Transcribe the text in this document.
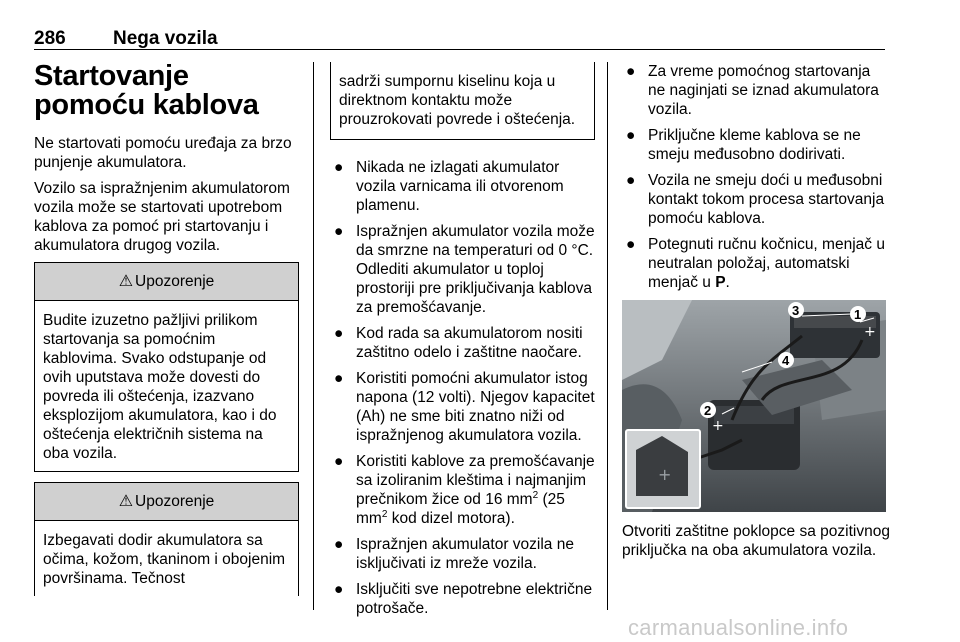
286 Nega vozila
Startovanje pomoću kablova

Ne startovati pomoću uređaja za brzo punjenje akumulatora.

Vozilo sa ispražnjenim akumulatorom vozila može se startovati upotrebom kablova za pomoć pri startovanju i akumulatora drugog vozila.

⚠ Upozorenje
Budite izuzetno pažljivi prilikom startovanja sa pomoćnim kablovima. Svako odstupanje od ovih uputstava može dovesti do povreda ili oštećenja, izazvano eksplozijom akumulatora, kao i do oštećenja električnih sistema na oba vozila.
⚠ Upozorenje
Izbegavati dodir akumulatora sa očima, kožom, tkaninom i obojenim površinama. Tečnost
sadrži sumpornu kiselinu koja u direktnom kontaktu može prouzrokovati povrede i oštećenja.
● Nikada ne izlagati akumulator vozila varnicama ili otvorenom plamenu.
● Ispražnjen akumulator vozila može da smrzne na temperaturi od 0 °C. Odlediti akumulator u toploj prostoriji pre priključivanja kablova za premošćavanje.
● Kod rada sa akumulatorom nositi zaštitno odelo i zaštitne naočare.
● Koristiti pomoćni akumulator istog napona (12 volti). Njegov kapacitet (Ah) ne sme biti znatno niži od ispražnjenog akumulatora vozila.
● Koristiti kablove za premošćavanje sa izoliranim kleštima i najmanjim prečnikom žice od 16 $mm^2$ (25 $mm^2$ kod dizel motora).
● Ispražnjen akumulator vozila ne isključivati iz mreže vozila.
● Isključiti sve nepotrebne električne potrošače.
● Za vreme pomoćnog startovanja ne naginjati se iznad akumulatora vozila.
● Priključne kleme kablova se ne smeju međusobno dodirivati.
● Vozila ne smeju doći u međusobni kontakt tokom procesa startovanja pomoću kablova.
● Potegnuti ručnu kočnicu, menjač u neutralan položaj, automatski menjač u P.
+
1
2
3
4
+
+

Otvoriti zaštitne poklopce sa pozitivnog priključka na oba akumulatora vozila.

carmanualsonline.info
